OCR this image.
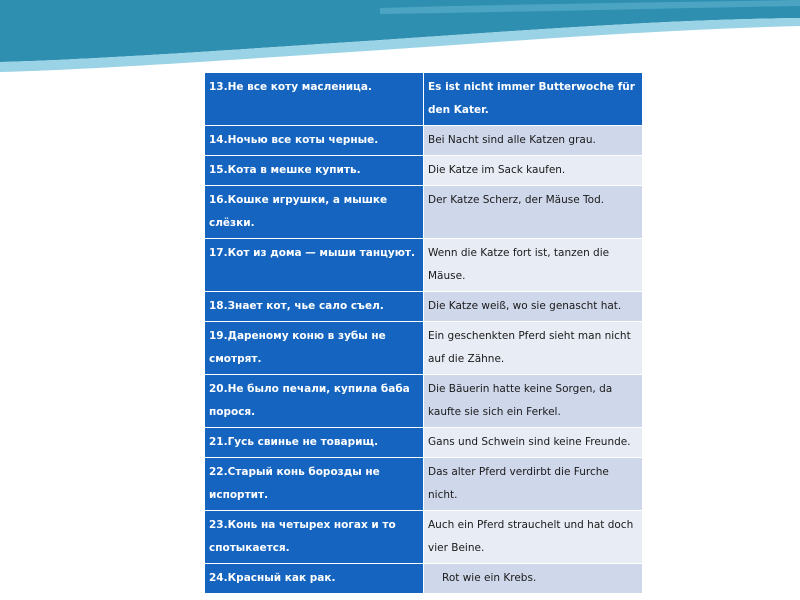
13.Не все коту масленица.	Es ist nicht immer Butterwoche für den Kater.
14.Ночью все коты черные.	Bei Nacht sind alle Katzen grau.
15.Кота в мешке купить.	Die Katze im Sack kaufen.
16.Кошке игрушки, а мышке слёзки.	Der Katze Scherz, der Mäuse Tod.
17.Кот из дома — мыши танцуют.	Wenn die Katze fort ist, tanzen die Mäuse.
18.Знает кот, чье сало съел.	Die Katze weiß, wo sie genascht hat.
19.Дареному коню в зубы не смотрят.	Ein geschenkten Pferd sieht man nicht auf die Zähne.
20.Не было печали, купила баба порося.	Die Bäuerin hatte keine Sorgen, da kaufte sie sich ein Ferkel.
21.Гусь свинье не товарищ.	Gans und Schwein sind keine Freunde.
22.Старый конь борозды не испортит.	Das alter Pferd verdirbt die Furche nicht.
23.Конь на четырех ногах и то спотыкается.	Auch ein Pferd strauchelt und hat doch vier Beine.
24.Красный как рак.	Rot wie ein Krebs.
